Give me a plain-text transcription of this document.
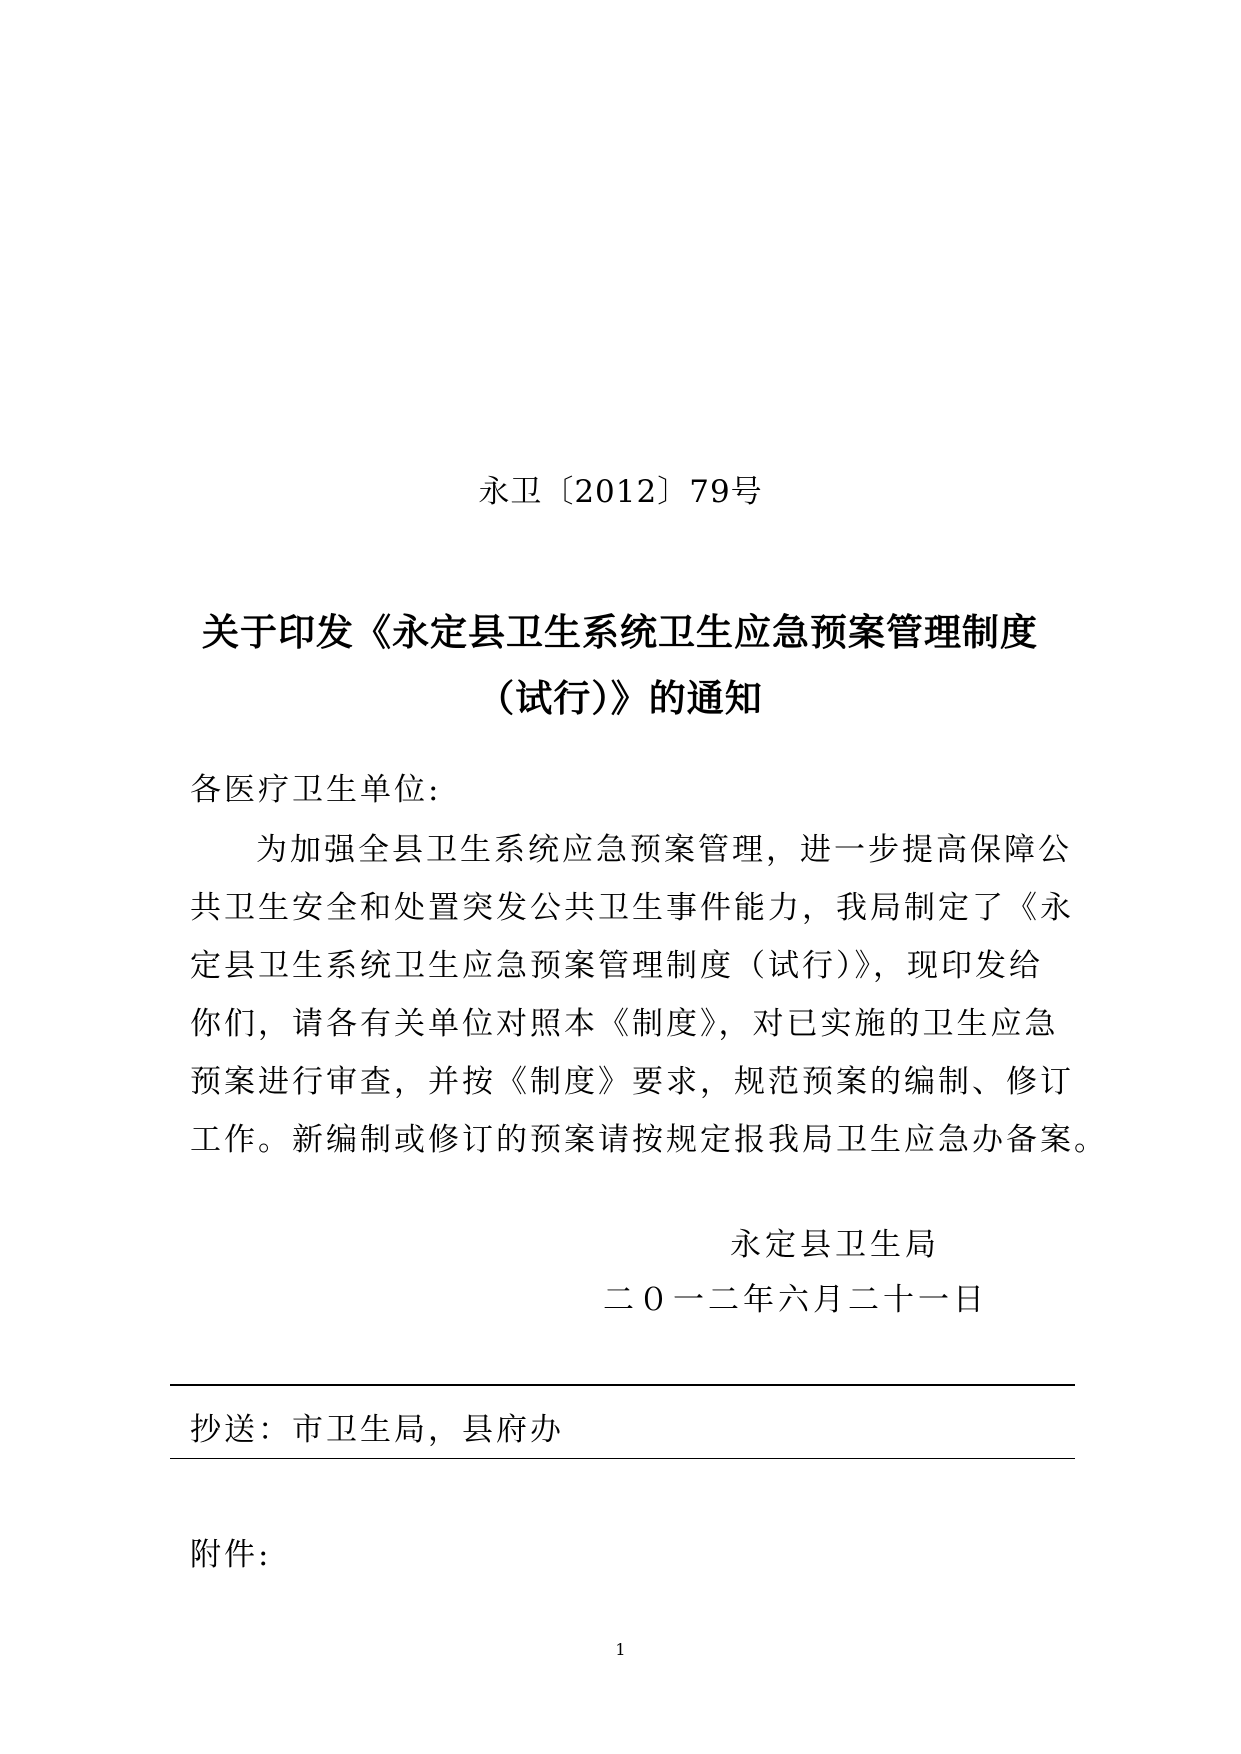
永卫〔2012〕79号
关于印发《永定县卫生系统卫生应急预案管理制度
（试行）》的通知
各医疗卫生单位:
为加强全县卫生系统应急预案管理，进一步提高保障公
共卫生安全和处置突发公共卫生事件能力，我局制定了《永
定县卫生系统卫生应急预案管理制度（试行）》，现印发给
你们，请各有关单位对照本《制度》，对已实施的卫生应急
预案进行审查，并按《制度》要求，规范预案的编制、修订
工作。新编制或修订的预案请按规定报我局卫生应急办备案。
永定县卫生局
二０一二年六月二十一日
抄送：市卫生局，县府办
附件:
1
